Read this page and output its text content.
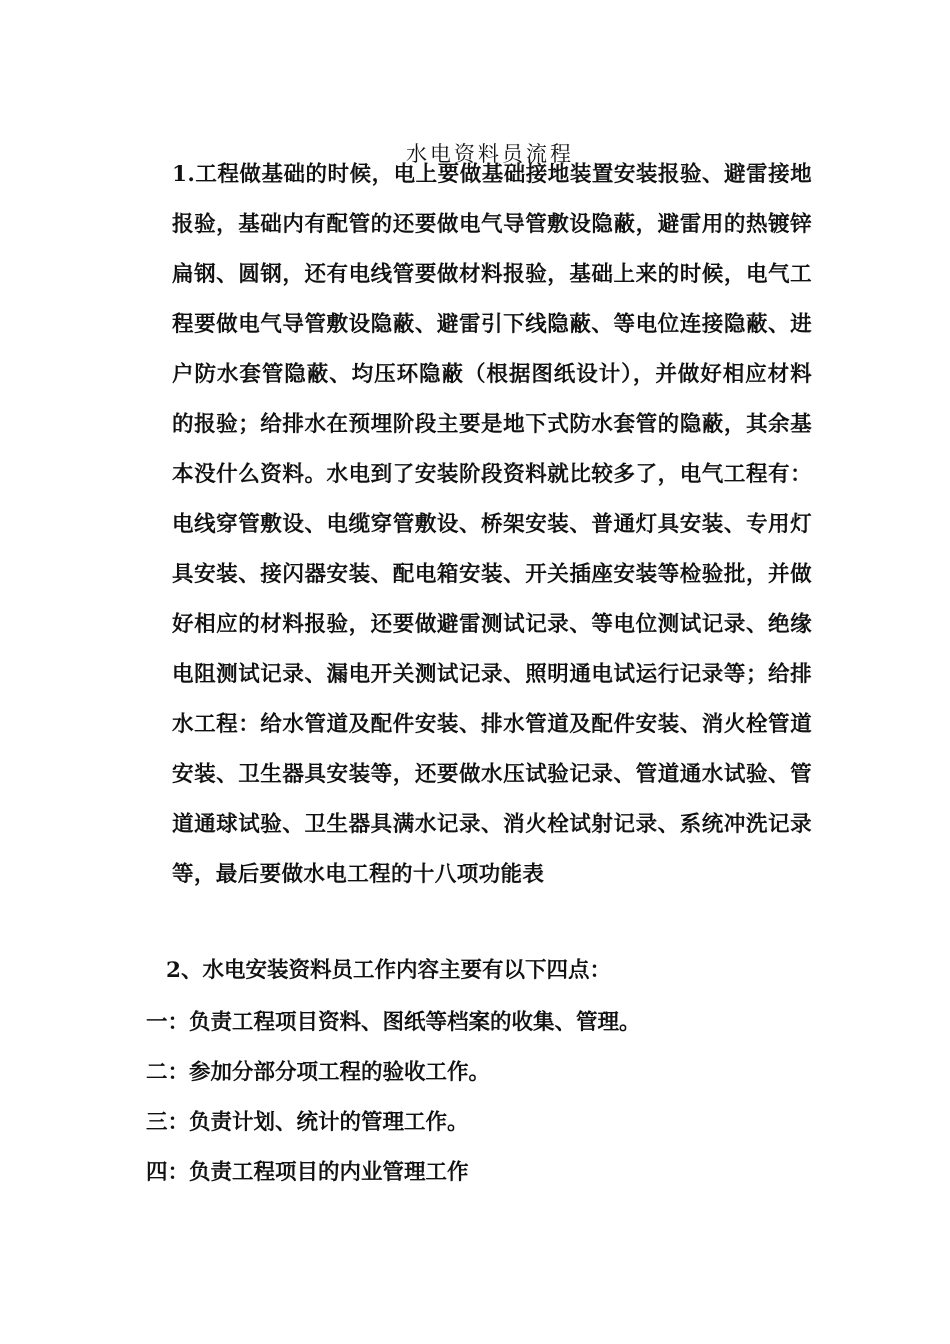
水电资料员流程

1.工程做基础的时候，电上要做基础接地装置安装报验、避雷接地报验，基础内有配管的还要做电气导管敷设隐蔽，避雷用的热镀锌扁钢、圆钢，还有电线管要做材料报验，基础上来的时候，电气工程要做电气导管敷设隐蔽、避雷引下线隐蔽、等电位连接隐蔽、进户防水套管隐蔽、均压环隐蔽（根据图纸设计），并做好相应材料的报验；给排水在预埋阶段主要是地下式防水套管的隐蔽，其余基本没什么资料。水电到了安装阶段资料就比较多了，电气工程有：电线穿管敷设、电缆穿管敷设、桥架安装、普通灯具安装、专用灯具安装、接闪器安装、配电箱安装、开关插座安装等检验批，并做好相应的材料报验，还要做避雷测试记录、等电位测试记录、绝缘电阻测试记录、漏电开关测试记录、照明通电试运行记录等；给排水工程：给水管道及配件安装、排水管道及配件安装、消火栓管道安装、卫生器具安装等，还要做水压试验记录、管道通水试验、管道通球试验、卫生器具满水记录、消火栓试射记录、系统冲洗记录等，最后要做水电工程的十八项功能表

2、水电安装资料员工作内容主要有以下四点：

一：负责工程项目资料、图纸等档案的收集、管理。

二：参加分部分项工程的验收工作。

三：负责计划、统计的管理工作。

四：负责工程项目的内业管理工作
